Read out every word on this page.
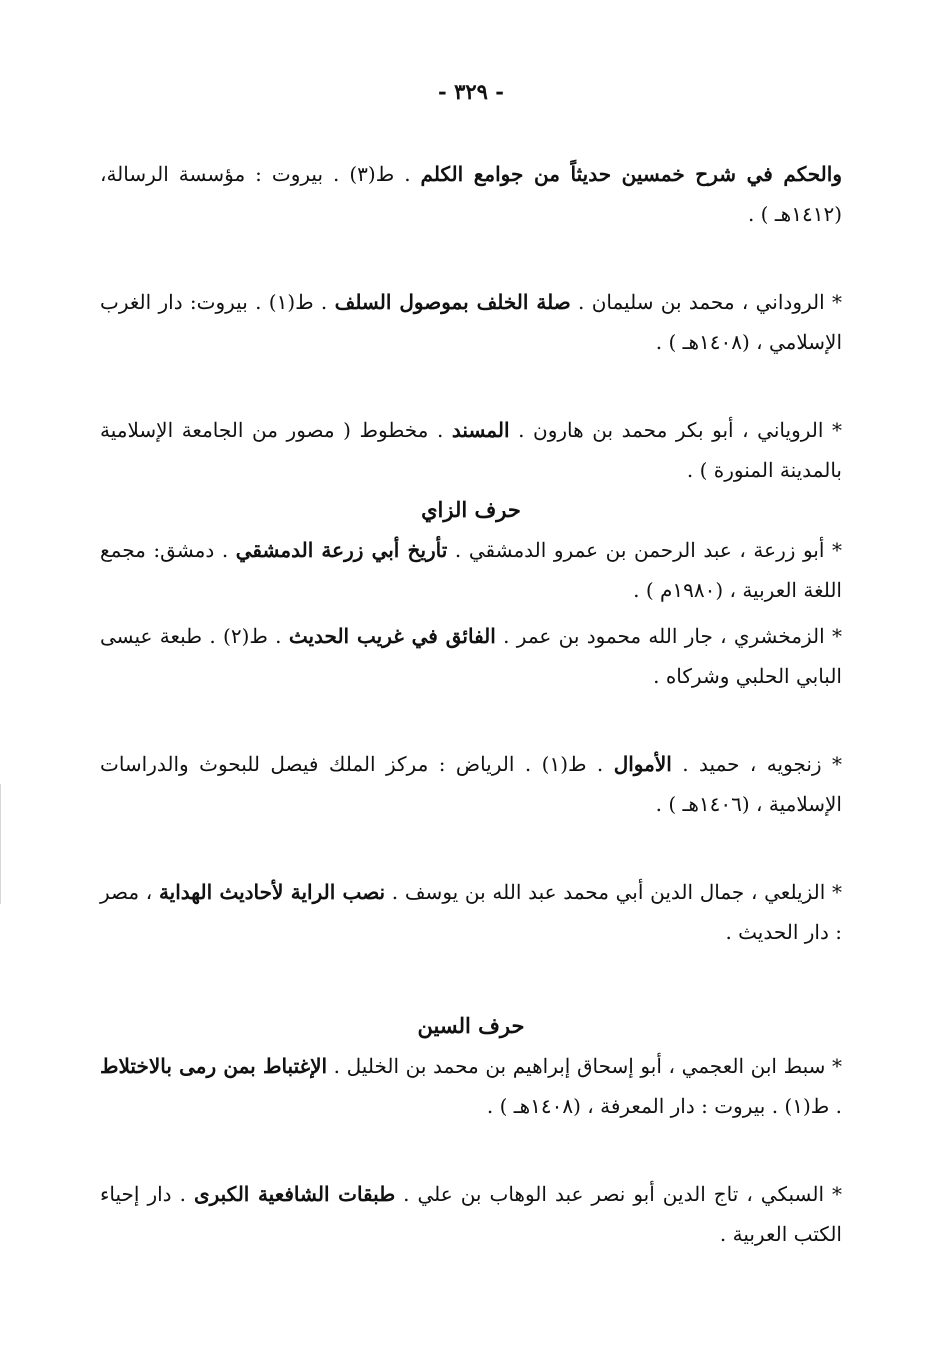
- ٣٢٩ -

والحكم في شرح خمسين حديثاً من جوامع الكلم . ط(٣) . بيروت : مؤسسة الرسالة، (١٤١٢هـ ) .

* الروداني ، محمد بن سليمان . صلة الخلف بموصول السلف . ط(١) . بيروت: دار الغرب الإسلامي ، (١٤٠٨هـ ) .

* الروياني ، أبو بكر محمد بن هارون . المسند . مخطوط ( مصور من الجامعة الإسلامية بالمدينة المنورة ) .

حرف الزاي

* أبو زرعة ، عبد الرحمن بن عمرو الدمشقي . تأريخ أبي زرعة الدمشقي . دمشق: مجمع اللغة العربية ، (١٩٨٠م ) .

* الزمخشري ، جار الله محمود بن عمر . الفائق في غريب الحديث . ط(٢) . طبعة عيسى البابي الحلبي وشركاه .

* زنجويه ، حميد . الأموال . ط(١) . الرياض : مركز الملك فيصل للبحوث والدراسات الإسلامية ، (١٤٠٦هـ ) .

* الزيلعي ، جمال الدين أبي محمد عبد الله بن يوسف . نصب الراية لأحاديث الهداية ، مصر : دار الحديث .

حرف السين

* سبط ابن العجمي ، أبو إسحاق إبراهيم بن محمد بن الخليل . الإغتباط بمن رمى بالاختلاط . ط(١) . بيروت : دار المعرفة ، (١٤٠٨هـ ) .

* السبكي ، تاج الدين أبو نصر عبد الوهاب بن علي . طبقات الشافعية الكبرى . دار إحياء الكتب العربية .
